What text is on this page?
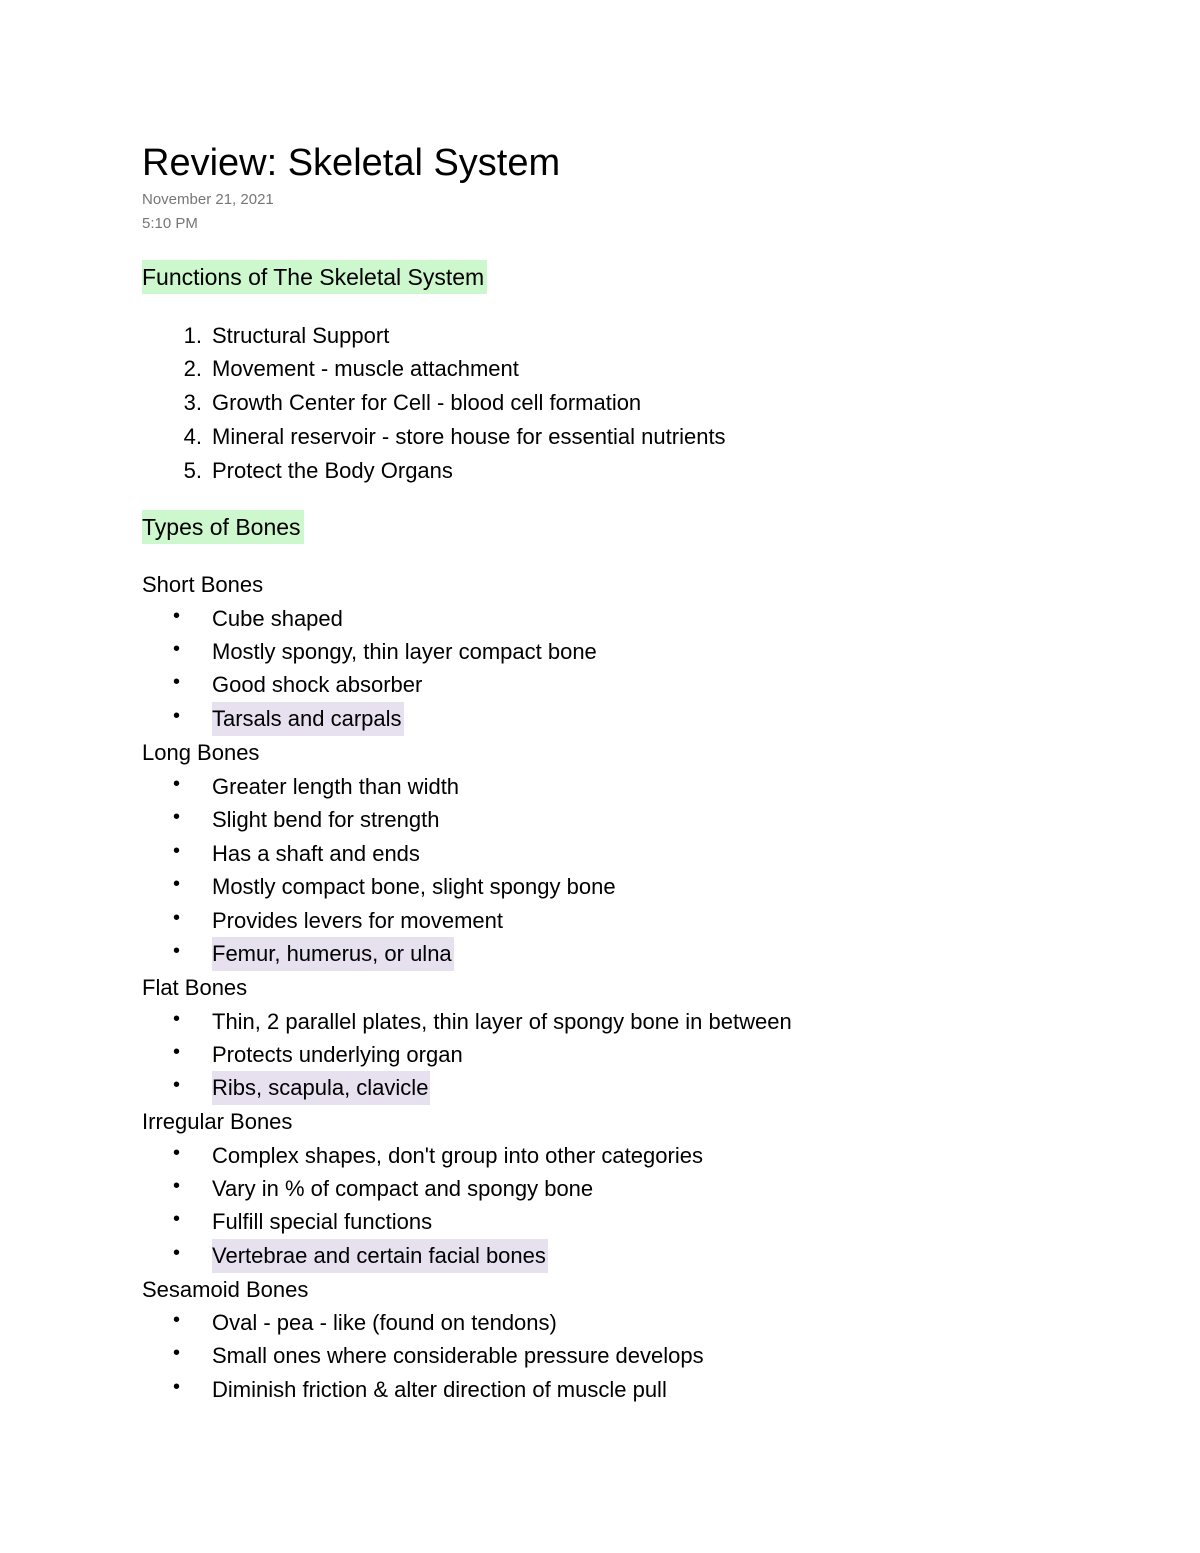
Review: Skeletal System
November 21, 2021
5:10 PM
Functions of The Skeletal System
1. Structural Support
2. Movement - muscle attachment
3. Growth Center for Cell - blood cell formation
4. Mineral reservoir - store house for essential nutrients
5. Protect the Body Organs
Types of Bones
Short Bones
• Cube shaped
• Mostly spongy, thin layer compact bone
• Good shock absorber
• Tarsals and carpals
Long Bones
• Greater length than width
• Slight bend for strength
• Has a shaft and ends
• Mostly compact bone, slight spongy bone
• Provides levers for movement
• Femur, humerus, or ulna
Flat Bones
• Thin, 2 parallel plates, thin layer of spongy bone in between
• Protects underlying organ
• Ribs, scapula, clavicle
Irregular Bones
• Complex shapes, don't group into other categories
• Vary in % of compact and spongy bone
• Fulfill special functions
• Vertebrae and certain facial bones
Sesamoid Bones
• Oval - pea - like (found on tendons)
• Small ones where considerable pressure develops
• Diminish friction & alter direction of muscle pull
